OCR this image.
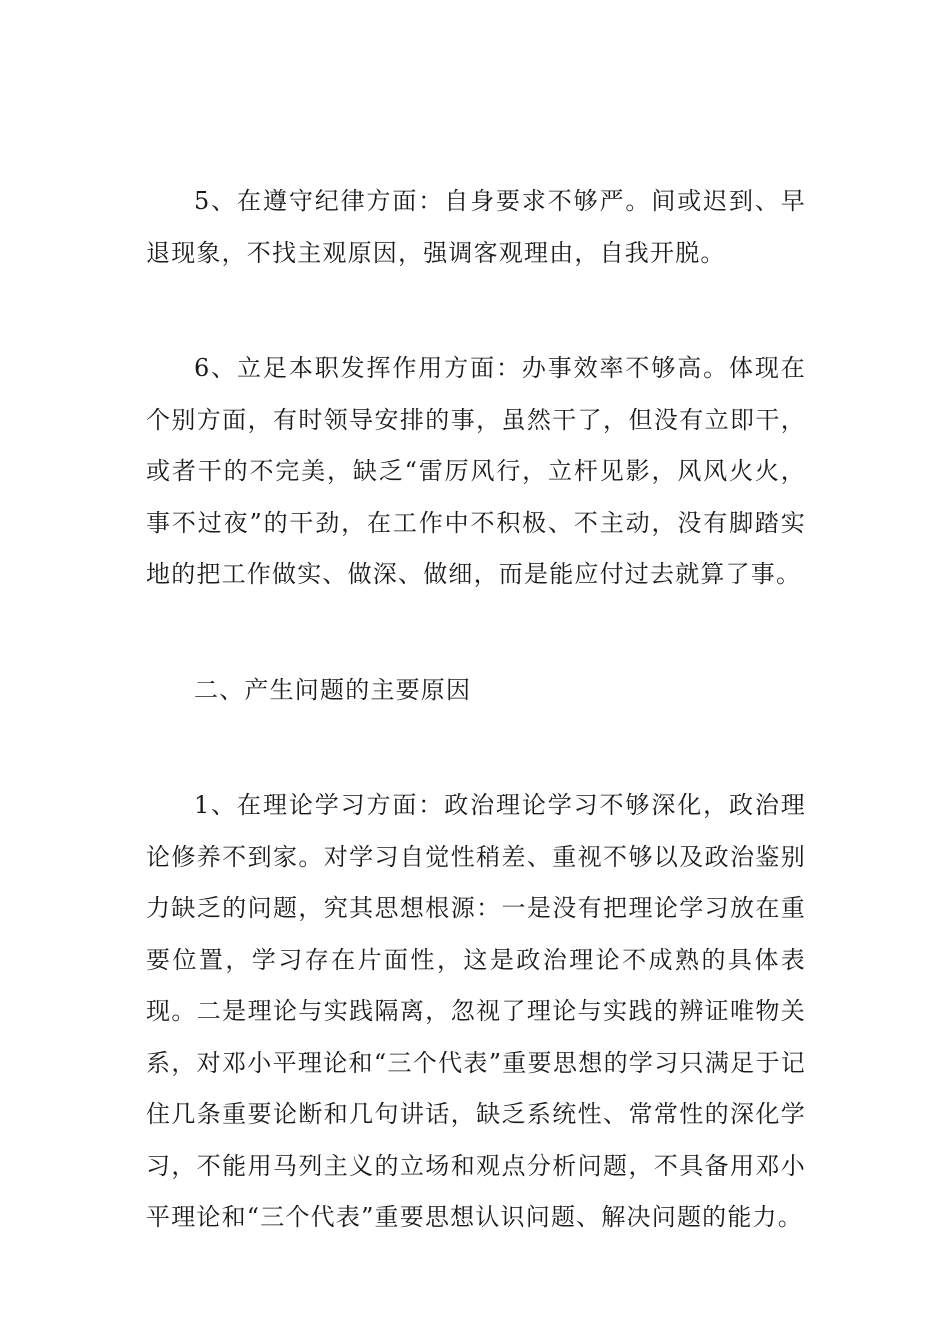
5、在遵守纪律方面：自身要求不够严。间或迟到、早退现象，不找主观原因，强调客观理由，自我开脱。

6、立足本职发挥作用方面：办事效率不够高。体现在个别方面，有时领导安排的事，虽然干了，但没有立即干，或者干的不完美，缺乏“雷厉风行，立杆见影，风风火火，事不过夜”的干劲，在工作中不积极、不主动，没有脚踏实地的把工作做实、做深、做细，而是能应付过去就算了事。

二、产生问题的主要原因

1、在理论学习方面：政治理论学习不够深化，政治理论修养不到家。对学习自觉性稍差、重视不够以及政治鉴别力缺乏的问题，究其思想根源：一是没有把理论学习放在重要位置，学习存在片面性，这是政治理论不成熟的具体表现。二是理论与实践隔离，忽视了理论与实践的辨证唯物关系，对邓小平理论和“三个代表”重要思想的学习只满足于记住几条重要论断和几句讲话，缺乏系统性、常常性的深化学习，不能用马列主义的立场和观点分析问题，不具备用邓小平理论和“三个代表”重要思想认识问题、解决问题的能力。
